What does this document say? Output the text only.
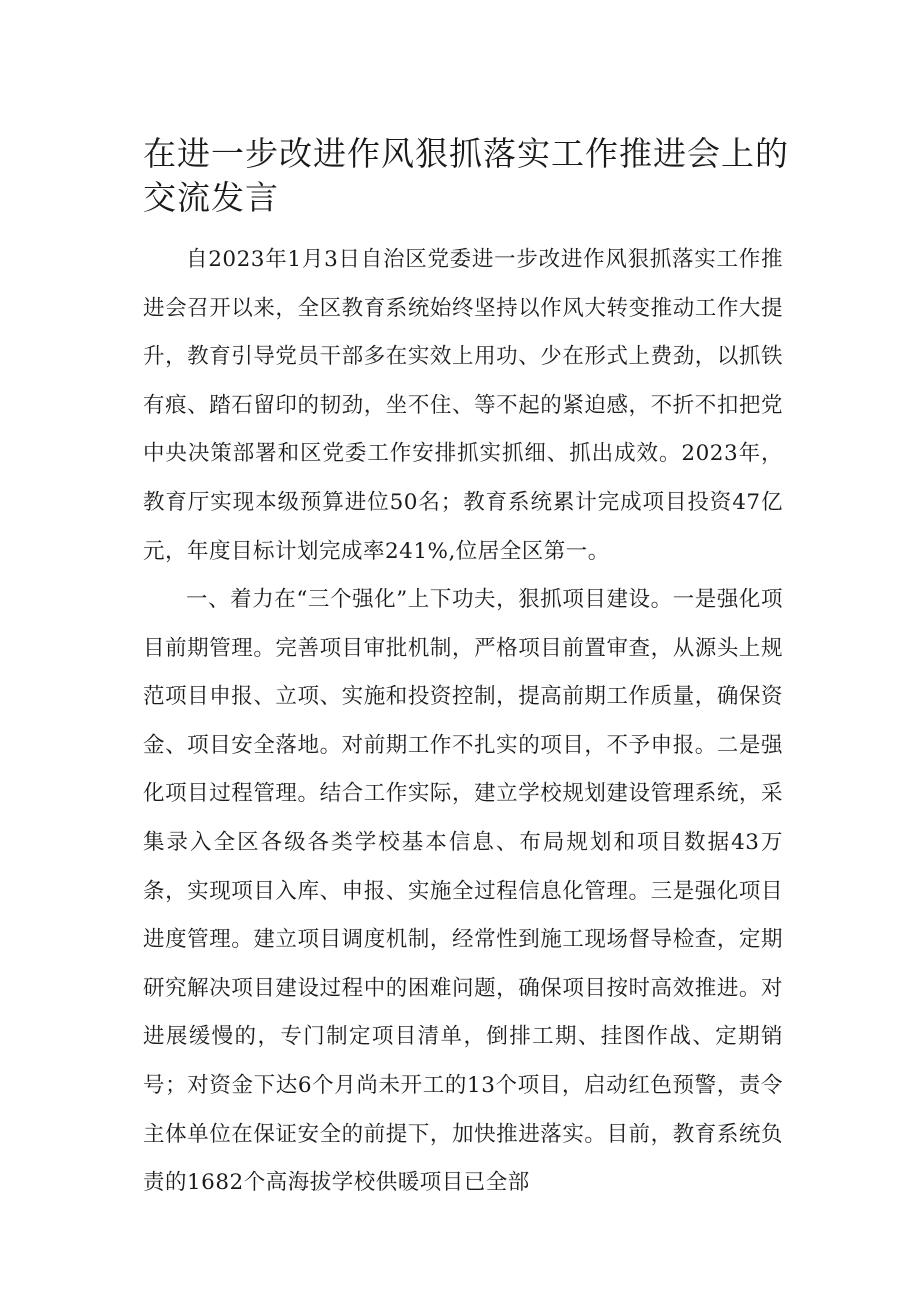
在进一步改进作风狠抓落实工作推进会上的交流发言

自2023年1月3日自治区党委进一步改进作风狠抓落实工作推进会召开以来，全区教育系统始终坚持以作风大转变推动工作大提升，教育引导党员干部多在实效上用功、少在形式上费劲，以抓铁有痕、踏石留印的韧劲，坐不住、等不起的紧迫感，不折不扣把党中央决策部署和区党委工作安排抓实抓细、抓出成效。2023年，教育厅实现本级预算进位50名；教育系统累计完成项目投资47亿元，年度目标计划完成率241%,位居全区第一。

一、着力在“三个强化”上下功夫，狠抓项目建设。一是强化项目前期管理。完善项目审批机制，严格项目前置审查，从源头上规范项目申报、立项、实施和投资控制，提高前期工作质量，确保资金、项目安全落地。对前期工作不扎实的项目，不予申报。二是强化项目过程管理。结合工作实际，建立学校规划建设管理系统，采集录入全区各级各类学校基本信息、布局规划和项目数据43万条，实现项目入库、申报、实施全过程信息化管理。三是强化项目进度管理。建立项目调度机制，经常性到施工现场督导检查，定期研究解决项目建设过程中的困难问题，确保项目按时高效推进。对进展缓慢的，专门制定项目清单，倒排工期、挂图作战、定期销号；对资金下达6个月尚未开工的13个项目，启动红色预警，责令主体单位在保证安全的前提下，加快推进落实。目前，教育系统负责的1682个高海拔学校供暖项目已全部
